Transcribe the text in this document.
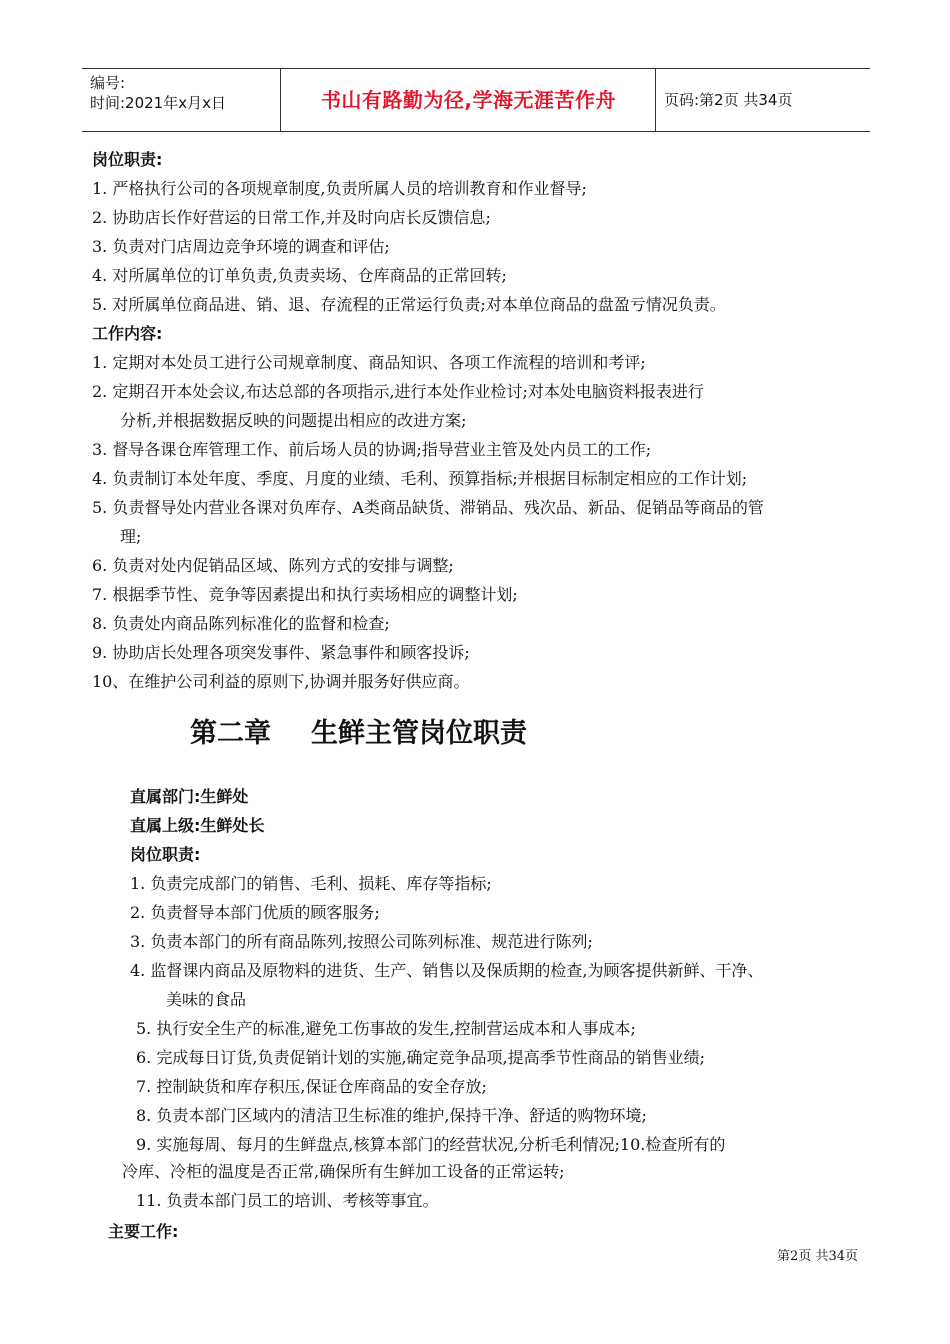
编号:
时间:2021年x月x日	书山有路勤为径,学海无涯苦作舟	页码:第2页 共34页
岗位职责:
1. 严格执行公司的各项规章制度,负责所属人员的培训教育和作业督导;
2. 协助店长作好营运的日常工作,并及时向店长反馈信息;
3. 负责对门店周边竞争环境的调查和评估;
4. 对所属单位的订单负责,负责卖场、仓库商品的正常回转;
5. 对所属单位商品进、销、退、存流程的正常运行负责;对本单位商品的盘盈亏情况负责。
工作内容:
1. 定期对本处员工进行公司规章制度、商品知识、各项工作流程的培训和考评;
2. 定期召开本处会议,布达总部的各项指示,进行本处作业检讨;对本处电脑资料报表进行
分析,并根据数据反映的问题提出相应的改进方案;
3. 督导各课仓库管理工作、前后场人员的协调;指导营业主管及处内员工的工作;
4. 负责制订本处年度、季度、月度的业绩、毛利、预算指标;并根据目标制定相应的工作计划;
5. 负责督导处内营业各课对负库存、A类商品缺货、滞销品、残次品、新品、促销品等商品的管
理;
6. 负责对处内促销品区域、陈列方式的安排与调整;
7. 根据季节性、竞争等因素提出和执行卖场相应的调整计划;
8. 负责处内商品陈列标准化的监督和检查;
9. 协助店长处理各项突发事件、紧急事件和顾客投诉;
10、在维护公司利益的原则下,协调并服务好供应商。
第二章 生鲜主管岗位职责
直属部门:生鲜处
直属上级:生鲜处长
岗位职责:
1. 负责完成部门的销售、毛利、损耗、库存等指标;
2. 负责督导本部门优质的顾客服务;
3. 负责本部门的所有商品陈列,按照公司陈列标准、规范进行陈列;
4. 监督课内商品及原物料的进货、生产、销售以及保质期的检查,为顾客提供新鲜、干净、
美味的食品
5. 执行安全生产的标准,避免工伤事故的发生,控制营运成本和人事成本;
6. 完成每日订货,负责促销计划的实施,确定竞争品项,提高季节性商品的销售业绩;
7. 控制缺货和库存积压,保证仓库商品的安全存放;
8. 负责本部门区域内的清洁卫生标准的维护,保持干净、舒适的购物环境;
9. 实施每周、每月的生鲜盘点,核算本部门的经营状况,分析毛利情况;10.检查所有的
冷库、冷柜的温度是否正常,确保所有生鲜加工设备的正常运转;
11. 负责本部门员工的培训、考核等事宜。
主要工作:
第2页 共34页
